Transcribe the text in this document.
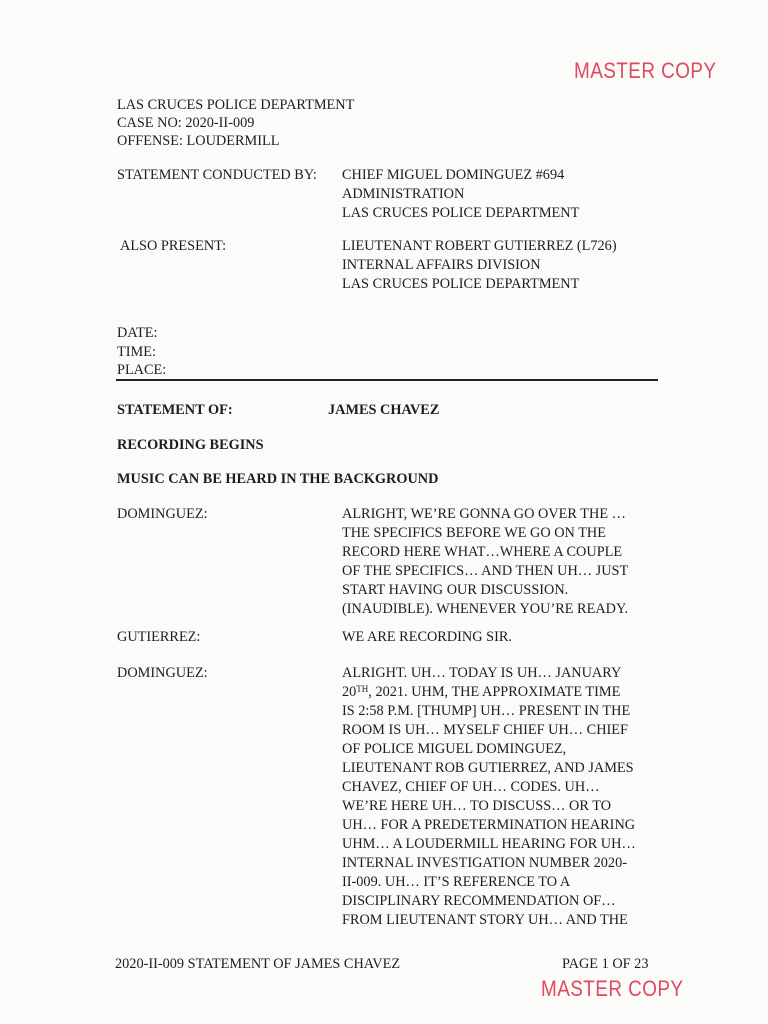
MASTER COPY
LAS CRUCES POLICE DEPARTMENT
CASE NO: 2020-II-009
OFFENSE: LOUDERMILL
STATEMENT CONDUCTED BY: CHIEF MIGUEL DOMINGUEZ #694
ADMINISTRATION
LAS CRUCES POLICE DEPARTMENT
ALSO PRESENT:	LIEUTENANT ROBERT GUTIERREZ (L726)
INTERNAL AFFAIRS DIVISION
LAS CRUCES POLICE DEPARTMENT
DATE:
TIME:
PLACE:
STATEMENT OF:	JAMES CHAVEZ
RECORDING BEGINS
MUSIC CAN BE HEARD IN THE BACKGROUND
DOMINGUEZ:	ALRIGHT, WE’RE GONNA GO OVER THE …
THE SPECIFICS BEFORE WE GO ON THE
RECORD HERE WHAT…WHERE A COUPLE
OF THE SPECIFICS… AND THEN UH… JUST
START HAVING OUR DISCUSSION.
(INAUDIBLE). WHENEVER YOU’RE READY.
GUTIERREZ:	WE ARE RECORDING SIR.
DOMINGUEZ:	ALRIGHT. UH… TODAY IS UH… JANUARY
20TH, 2021. UHM, THE APPROXIMATE TIME
IS 2:58 P.M. [THUMP] UH… PRESENT IN THE
ROOM IS UH… MYSELF CHIEF UH… CHIEF
OF POLICE MIGUEL DOMINGUEZ,
LIEUTENANT ROB GUTIERREZ, AND JAMES
CHAVEZ, CHIEF OF UH… CODES. UH…
WE’RE HERE UH… TO DISCUSS… OR TO
UH… FOR A PREDETERMINATION HEARING
UHM… A LOUDERMILL HEARING FOR UH…
INTERNAL INVESTIGATION NUMBER 2020-
II-009. UH… IT’S REFERENCE TO A
DISCIPLINARY RECOMMENDATION OF…
FROM LIEUTENANT STORY UH… AND THE
2020-II-009 STATEMENT OF JAMES CHAVEZ	PAGE 1 OF 23
MASTER COPY
